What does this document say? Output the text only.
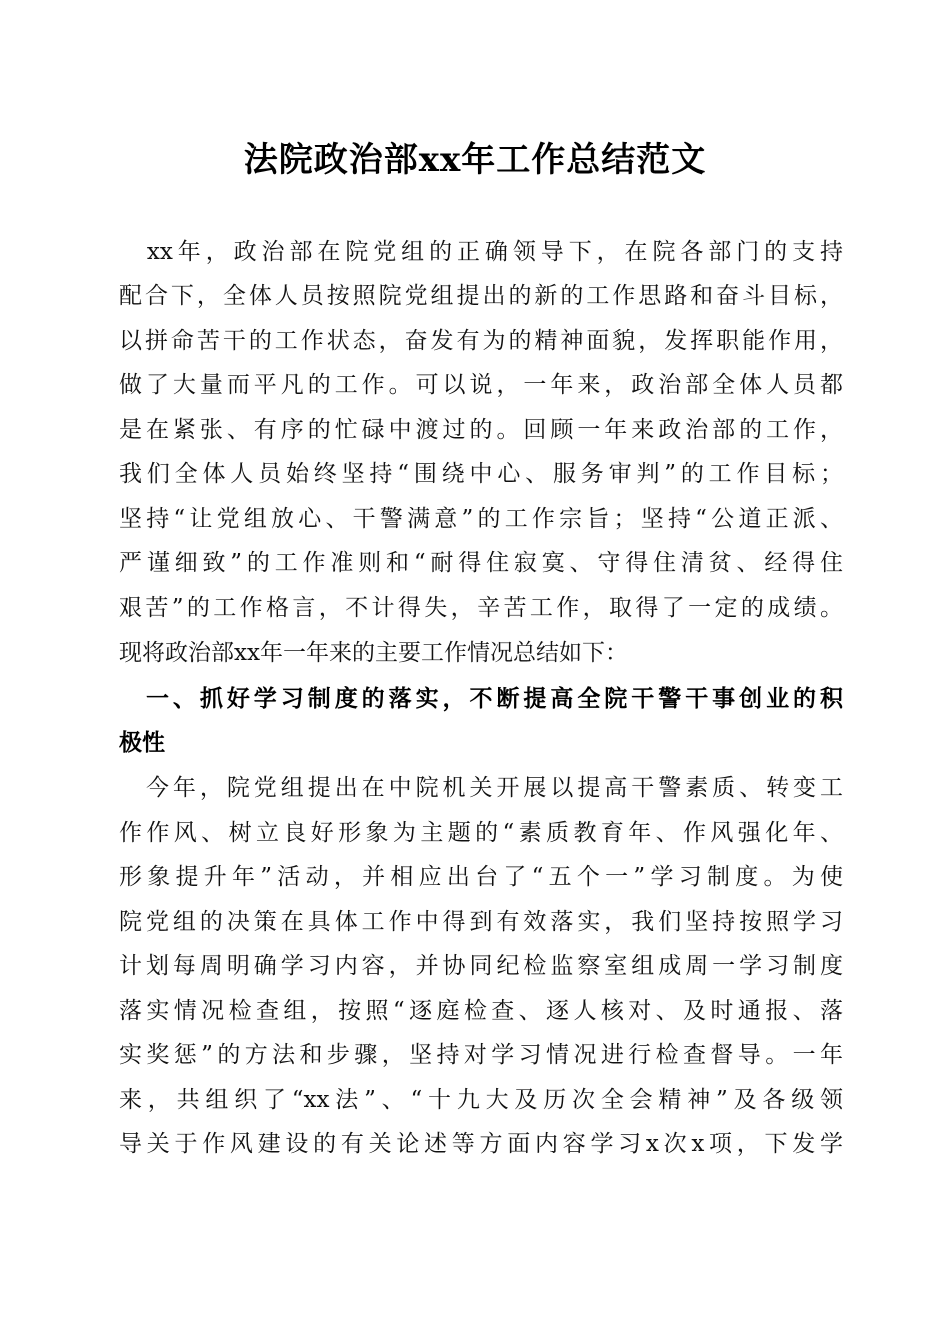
法院政治部xx年工作总结范文
　xx年，政治部在院党组的正确领导下，在院各部门的支持
配合下，全体人员按照院党组提出的新的工作思路和奋斗目标，
以拼命苦干的工作状态，奋发有为的精神面貌，发挥职能作用，
做了大量而平凡的工作。可以说，一年来，政治部全体人员都
是在紧张、有序的忙碌中渡过的。回顾一年来政治部的工作，
我们全体人员始终坚持“围绕中心、服务审判”的工作目标；
坚持“让党组放心、干警满意”的工作宗旨；坚持“公道正派、
严谨细致”的工作准则和“耐得住寂寞、守得住清贫、经得住
艰苦”的工作格言，不计得失，辛苦工作，取得了一定的成绩。
现将政治部xx年一年来的主要工作情况总结如下：
　一、抓好学习制度的落实，不断提高全院干警干事创业的积
极性
　今年，院党组提出在中院机关开展以提高干警素质、转变工
作作风、树立良好形象为主题的“素质教育年、作风强化年、
形象提升年”活动，并相应出台了“五个一”学习制度。为使
院党组的决策在具体工作中得到有效落实，我们坚持按照学习
计划每周明确学习内容，并协同纪检监察室组成周一学习制度
落实情况检查组，按照“逐庭检查、逐人核对、及时通报、落
实奖惩”的方法和步骤，坚持对学习情况进行检查督导。一年
来，共组织了“xx法”、“十九大及历次全会精神”及各级领
导关于作风建设的有关论述等方面内容学习x次x项，下发学
